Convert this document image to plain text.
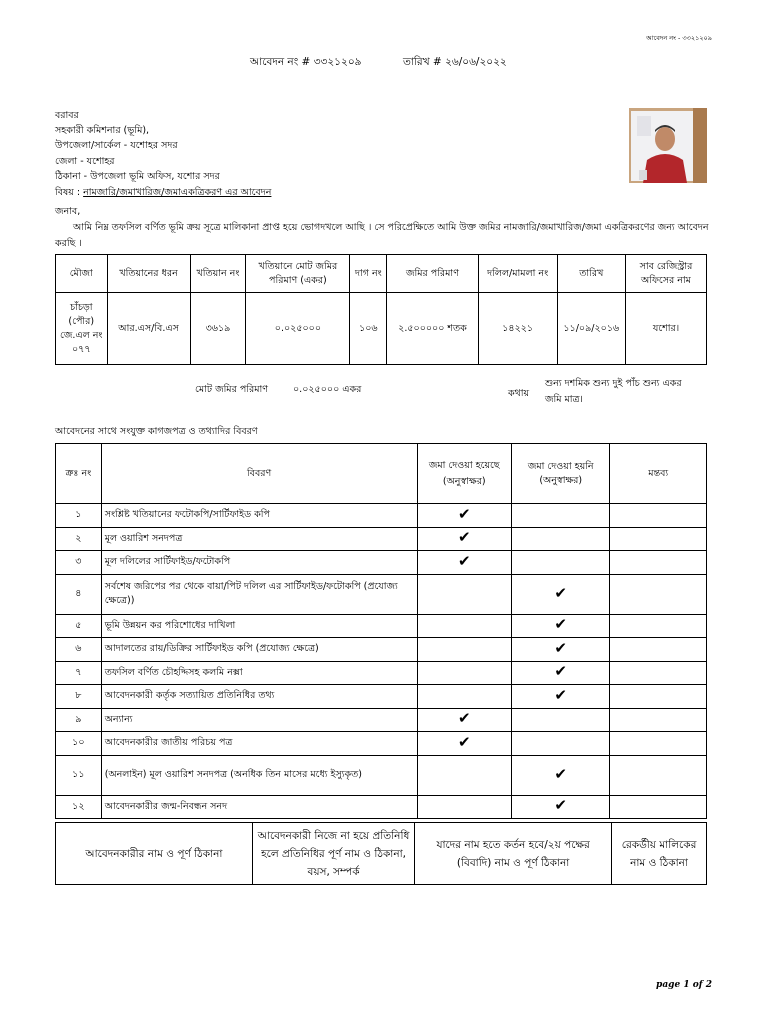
আবেদন নং - ৩৩২১২০৯
আবেদন নং # ৩৩২১২০৯	তারিখ # ২৬/০৬/২০২২
বরাবর
সহকারী কমিশনার (ভূমি),
উপজেলা/সার্কেল - যশোহর সদর
জেলা - যশোহর
ঠিকানা - উপজেলা ভূমি অফিস, যশোর সদর
বিষয় : নামজারি/জমাখারিজ/জমাএকত্রিকরণ এর আবেদন
জনাব,
আমি নিম্ন তফসিল বর্ণিত ভূমি ক্রয় সূত্রে মালিকানা প্রাপ্ত হয়ে ভোগদখলে আছি । সে পরিপ্রেক্ষিতে আমি উক্ত জমির নামজারি/জমাখারিজ/জমা একত্রিকরণের জন্য আবেদন করছি ।
মৌজা	খতিয়ানের ধরন	খতিয়ান নং	খতিয়ানে মোট জমির পরিমাণ (একর)	দাগ নং	জমির পরিমাণ	দলিল/মামলা নং	তারিখ	সাব রেজিস্ট্রার অফিসের নাম
চাঁচড়া (পৌর) জে.এল নং ০৭৭	আর.এস/বি.এস	৩৬১৯	০.০২৫০০০	১০৬	২.৫০০০০০ শতক	১৪২২১	১১/০৯/২০১৬	যশোর।
মোট জমির পরিমাণ	০.০২৫০০০ একর	কথায়
শুন্য দশমিক শুন্য দুই পাঁচ শুন্য একর জমি মাত্র।
আবেদনের সাথে সংযুক্ত কাগজপত্র ও তথ্যাদির বিবরণ
ক্রঃ নং	বিবরণ	জমা দেওয়া হয়েছে (অনুস্বাক্ষর)	জমা দেওয়া হয়নি (অনুস্বাক্ষর)	মন্তব্য
১	সংশ্লিষ্ট খতিয়ানের ফটোকপি/সার্টিফাইড কপি	✔		
২	মূল ওয়ারিশ সনদপত্র	✔		
৩	মূল দলিলের সার্টিফাইড/ফটোকপি	✔		
৪	সর্বশেষ জরিপের পর থেকে বায়া/পিট দলিল এর সার্টিফাইড/ফটোকপি (প্রযোজ্য ক্ষেত্রে))		✔	
৫	ভূমি উন্নয়ন কর পরিশোধের দাখিলা		✔	
৬	আদালতের রায়/ডিক্রির সার্টিফাইড কপি (প্রযোজ্য ক্ষেত্রে)		✔	
৭	তফসিল বর্ণিত চৌহদ্দিসহ কলমি নক্সা		✔	
৮	আবেদনকারী কর্তৃক সত্যায়িত প্রতিনিধির তথ্য		✔	
৯	অন্যান্য	✔		
১০	আবেদনকারীর জাতীয় পরিচয় পত্র	✔		
১১	(অনলাইন) মূল ওয়ারিশ সনদপত্র (অনধিক তিন মাসের মধ্যে ইস্যুকৃত)		✔	
১২	আবেদনকারীর জন্ম-নিবন্ধন সনদ		✔	
আবেদনকারীর নাম ও পূর্ণ ঠিকানা	আবেদনকারী নিজে না হয়ে প্রতিনিধি হলে প্রতিনিধির পূর্ণ নাম ও ঠিকানা, বয়স, সম্পর্ক	যাদের নাম হতে কর্তন হবে/২য় পক্ষের (বিবাদি) নাম ও পূর্ণ ঠিকানা	রেকর্ডীয় মালিকের নাম ও ঠিকানা
page 1 of 2
